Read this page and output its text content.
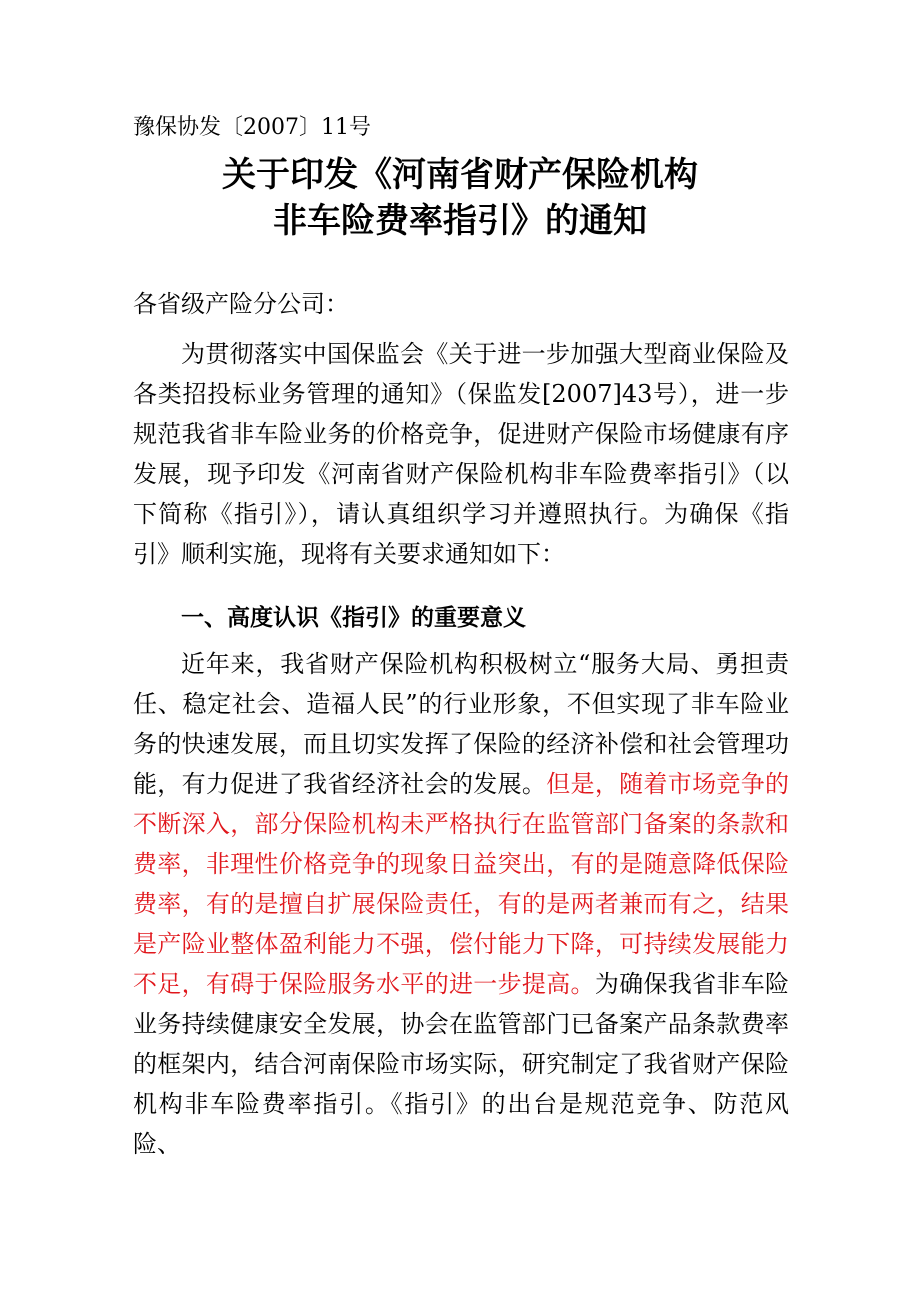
豫保协发〔2007〕11号
关于印发《河南省财产保险机构
非车险费率指引》的通知
各省级产险分公司：

为贯彻落实中国保监会《关于进一步加强大型商业保险及各类招投标业务管理的通知》（保监发[2007]43号），进一步规范我省非车险业务的价格竞争，促进财产保险市场健康有序发展，现予印发《河南省财产保险机构非车险费率指引》（以下简称《指引》），请认真组织学习并遵照执行。为确保《指引》顺利实施，现将有关要求通知如下：

一、高度认识《指引》的重要意义

近年来，我省财产保险机构积极树立“服务大局、勇担责任、稳定社会、造福人民”的行业形象，不但实现了非车险业务的快速发展，而且切实发挥了保险的经济补偿和社会管理功能，有力促进了我省经济社会的发展。但是，随着市场竞争的不断深入，部分保险机构未严格执行在监管部门备案的条款和费率，非理性价格竞争的现象日益突出，有的是随意降低保险费率，有的是擅自扩展保险责任，有的是两者兼而有之，结果是产险业整体盈利能力不强，偿付能力下降，可持续发展能力不足，有碍于保险服务水平的进一步提高。为确保我省非车险业务持续健康安全发展，协会在监管部门已备案产品条款费率的框架内，结合河南保险市场实际，研究制定了我省财产保险机构非车险费率指引。《指引》的出台是规范竞争、防范风险、
